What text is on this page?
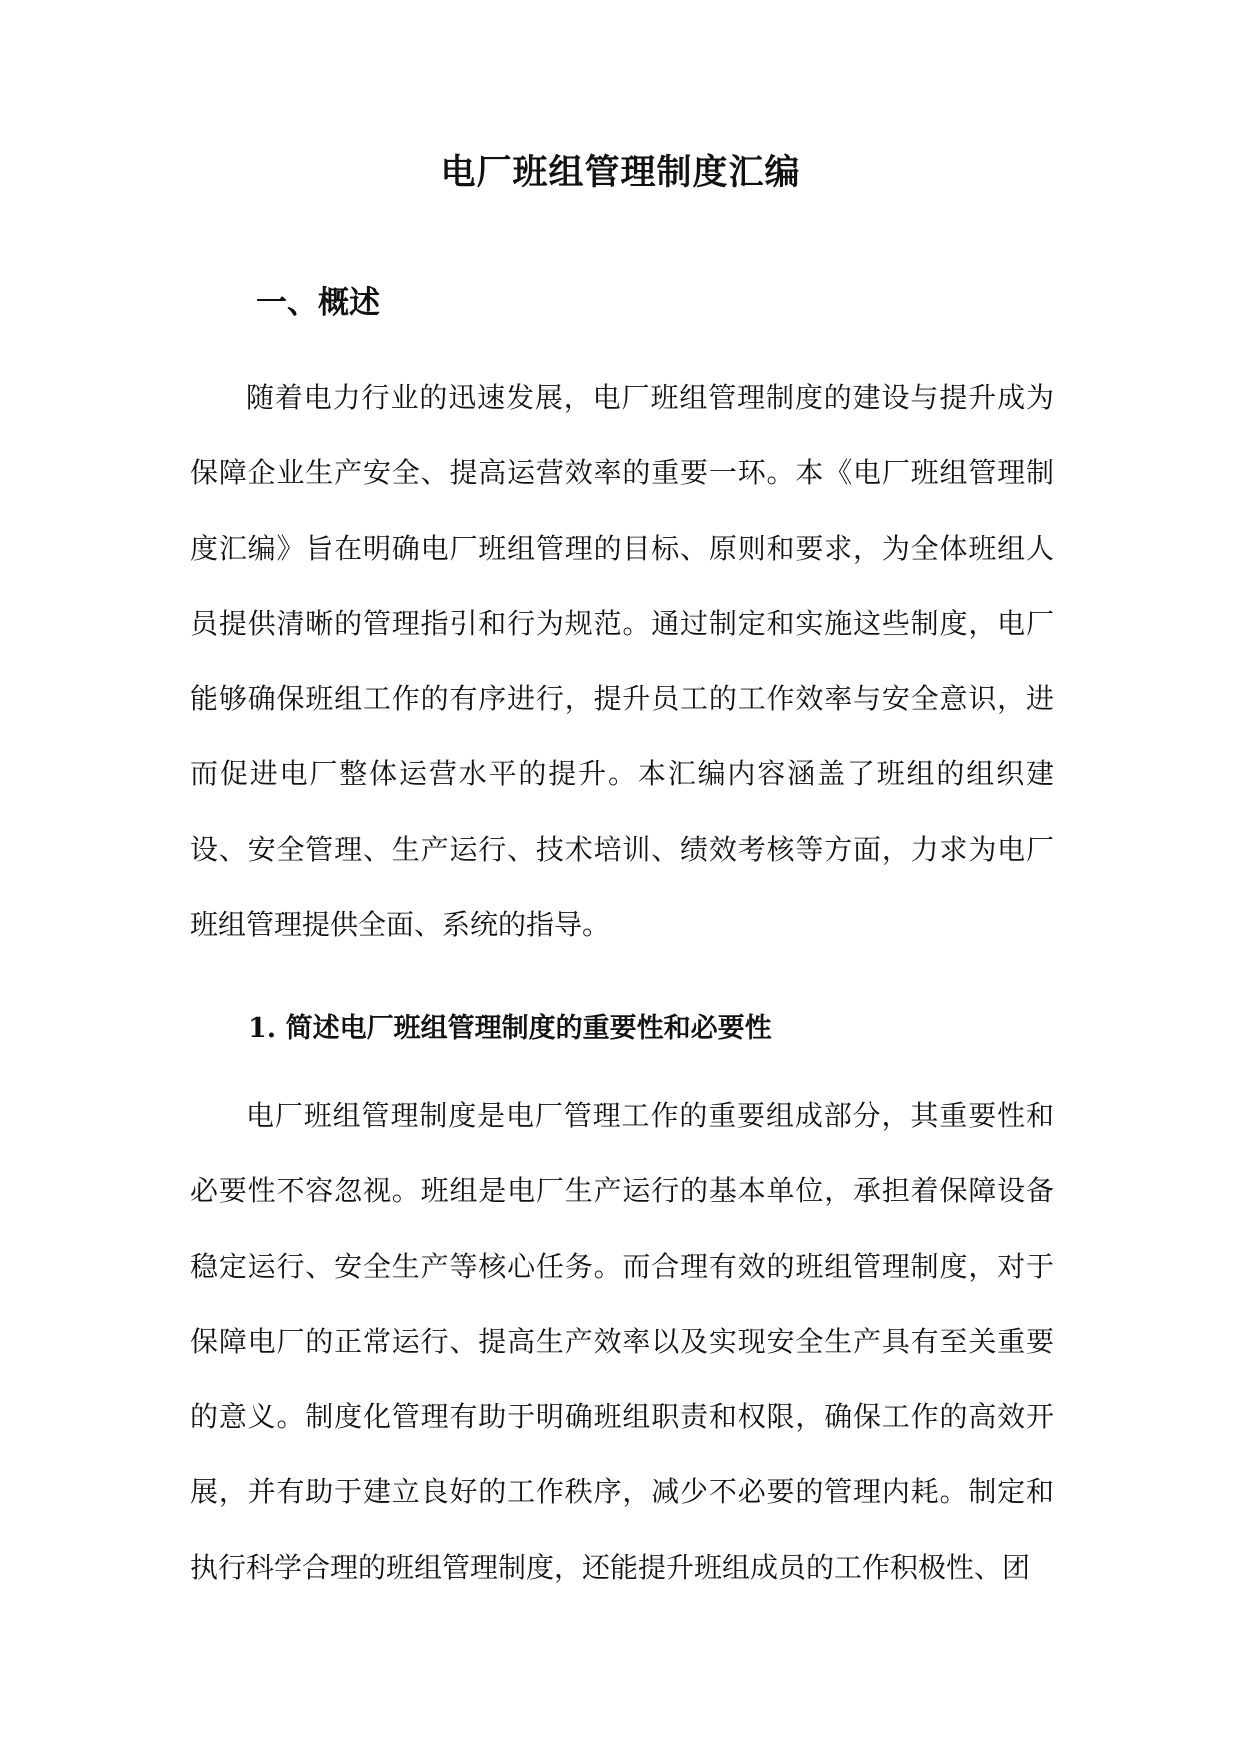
电厂班组管理制度汇编
一、概述

随着电力行业的迅速发展，电厂班组管理制度的建设与提升成为保障企业生产安全、提高运营效率的重要一环。本《电厂班组管理制度汇编》旨在明确电厂班组管理的目标、原则和要求，为全体班组人员提供清晰的管理指引和行为规范。通过制定和实施这些制度，电厂能够确保班组工作的有序进行，提升员工的工作效率与安全意识，进而促进电厂整体运营水平的提升。本汇编内容涵盖了班组的组织建设、安全管理、生产运行、技术培训、绩效考核等方面，力求为电厂班组管理提供全面、系统的指导。

1. 简述电厂班组管理制度的重要性和必要性

电厂班组管理制度是电厂管理工作的重要组成部分，其重要性和必要性不容忽视。班组是电厂生产运行的基本单位，承担着保障设备稳定运行、安全生产等核心任务。而合理有效的班组管理制度，对于保障电厂的正常运行、提高生产效率以及实现安全生产具有至关重要的意义。制度化管理有助于明确班组职责和权限，确保工作的高效开展，并有助于建立良好的工作秩序，减少不必要的管理内耗。制定和执行科学合理的班组管理制度，还能提升班组成员的工作积极性、团
